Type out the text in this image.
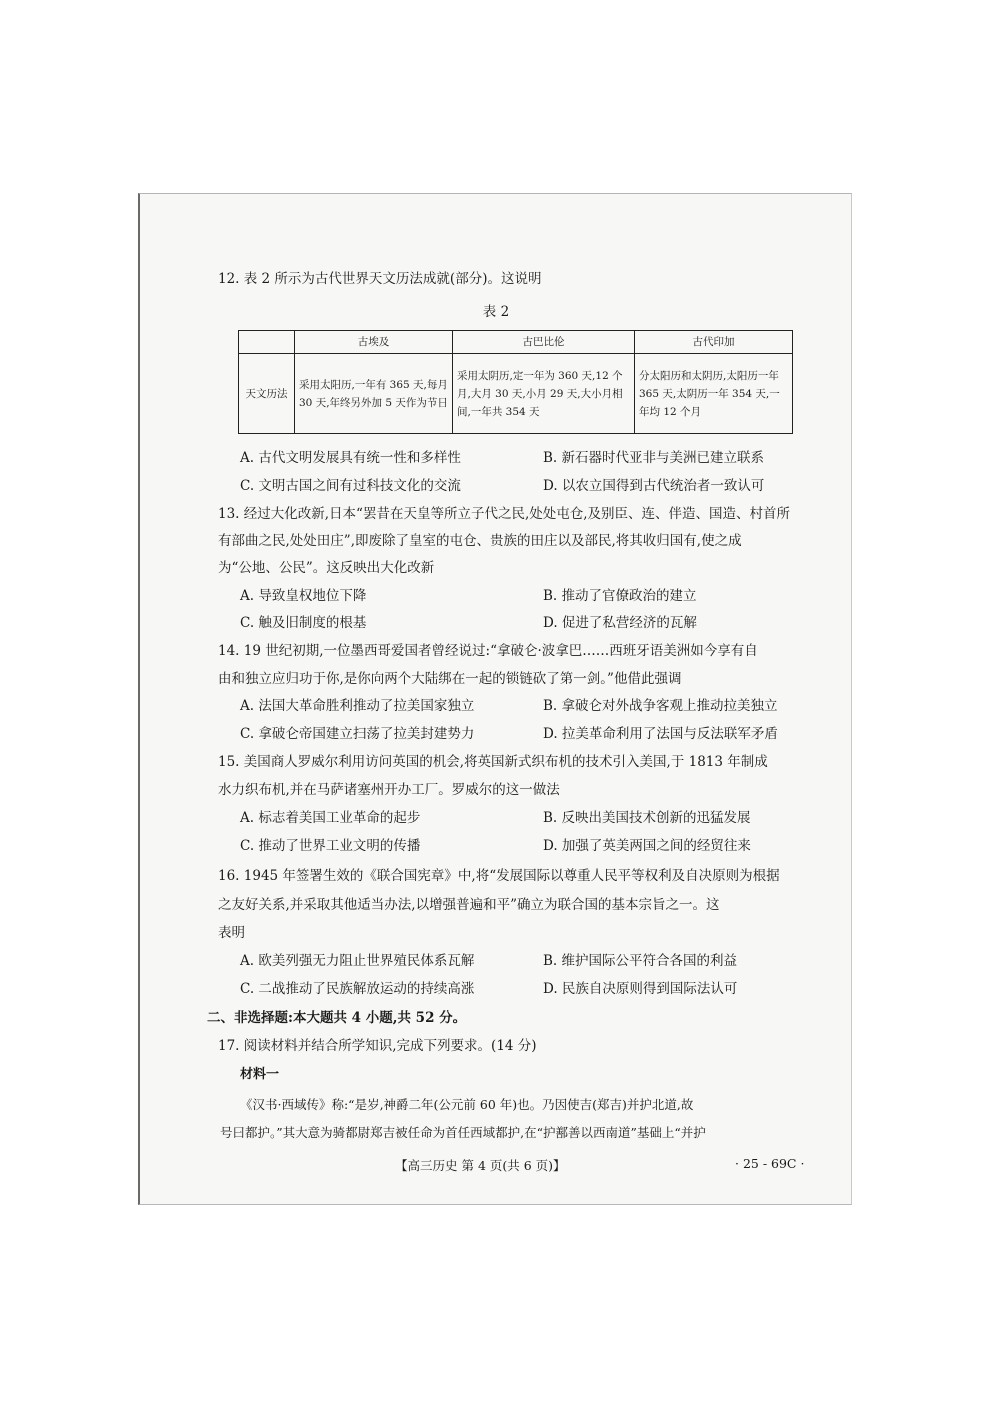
12. 表 2 所示为古代世界天文历法成就(部分)。这说明
表 2
	古埃及	古巴比伦	古代印加
天文历法	采用太阳历,一年有 365 天,每月 30 天,年终另外加 5 天作为节日	采用太阴历,定一年为 360 天,12 个月,大月 30 天,小月 29 天,大小月相间,一年共 354 天	分太阳历和太阴历,太阳历一年 365 天,太阴历一年 354 天,一年均 12 个月
A. 古代文明发展具有统一性和多样性	B. 新石器时代亚非与美洲已建立联系
C. 文明古国之间有过科技文化的交流	D. 以农立国得到古代统治者一致认可
13. 经过大化改新,日本“罢昔在天皇等所立子代之民,处处屯仓,及别臣、连、伴造、国造、村首所
有部曲之民,处处田庄”,即废除了皇室的屯仓、贵族的田庄以及部民,将其收归国有,使之成
为“公地、公民”。这反映出大化改新
A. 导致皇权地位下降	B. 推动了官僚政治的建立
C. 触及旧制度的根基	D. 促进了私营经济的瓦解
14. 19 世纪初期,一位墨西哥爱国者曾经说过:“拿破仑·波拿巴……西班牙语美洲如今享有自
由和独立应归功于你,是你向两个大陆绑在一起的锁链砍了第一剑。”他借此强调
A. 法国大革命胜利推动了拉美国家独立	B. 拿破仑对外战争客观上推动拉美独立
C. 拿破仑帝国建立扫荡了拉美封建势力	D. 拉美革命利用了法国与反法联军矛盾
15. 美国商人罗威尔利用访问英国的机会,将英国新式织布机的技术引入美国,于 1813 年制成
水力织布机,并在马萨诸塞州开办工厂。罗威尔的这一做法
A. 标志着美国工业革命的起步	B. 反映出美国技术创新的迅猛发展
C. 推动了世界工业文明的传播	D. 加强了英美两国之间的经贸往来
16. 1945 年签署生效的《联合国宪章》中,将“发展国际以尊重人民平等权利及自决原则为根据
之友好关系,并采取其他适当办法,以增强普遍和平”确立为联合国的基本宗旨之一。这
表明
A. 欧美列强无力阻止世界殖民体系瓦解	B. 维护国际公平符合各国的利益
C. 二战推动了民族解放运动的持续高涨	D. 民族自决原则得到国际法认可
二、非选择题:本大题共 4 小题,共 52 分。
17. 阅读材料并结合所学知识,完成下列要求。(14 分)
材料一
《汉书·西域传》称:“是岁,神爵二年(公元前 60 年)也。乃因使吉(郑吉)并护北道,故
号曰都护。”其大意为骑都尉郑吉被任命为首任西域都护,在“护鄯善以西南道”基础上“并护
【高三历史 第 4 页(共 6 页)】	· 25 - 69C ·
